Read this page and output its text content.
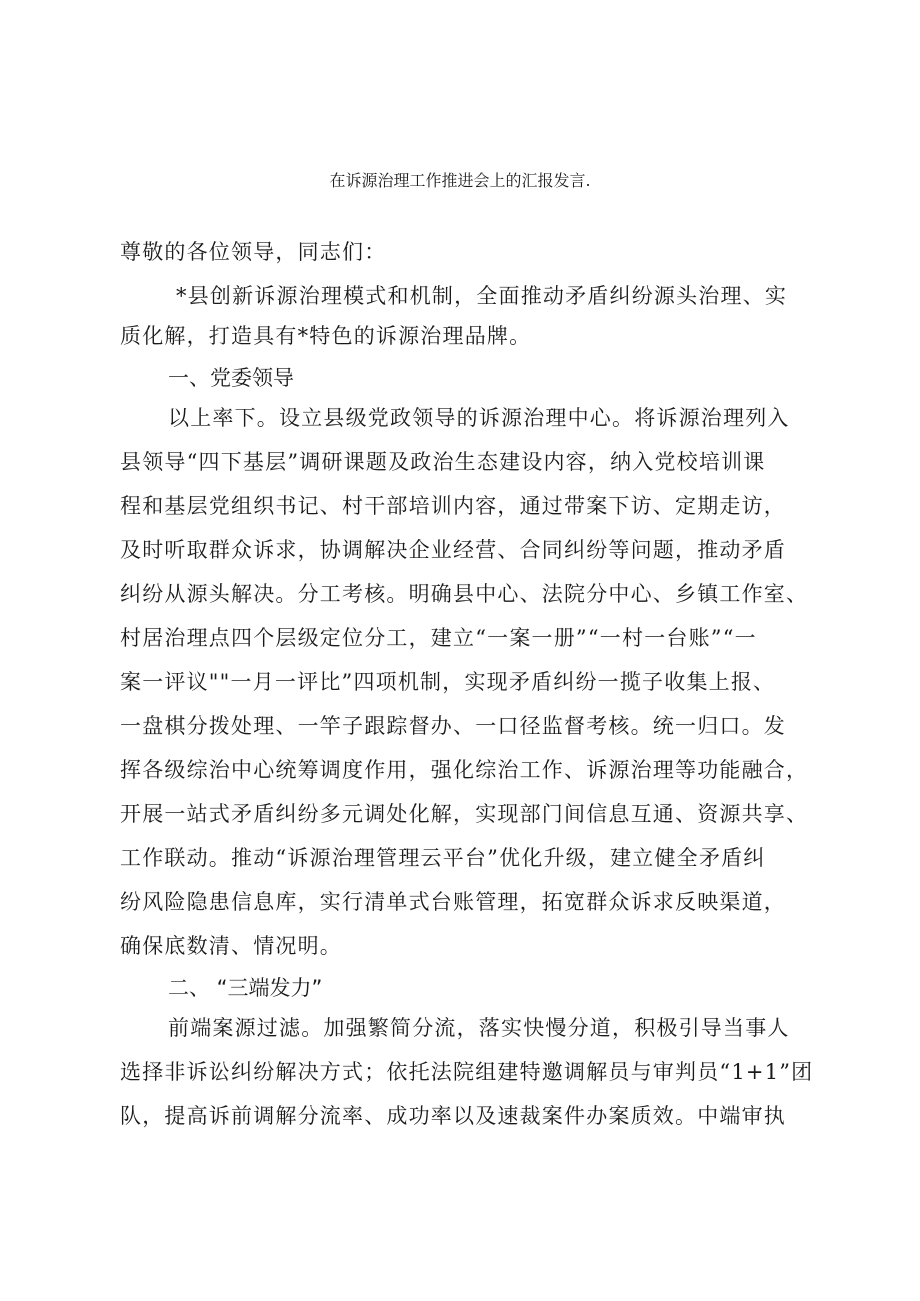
在诉源治理工作推进会上的汇报发言.

尊敬的各位领导，同志们：

*县创新诉源治理模式和机制，全面推动矛盾纠纷源头治理、实

质化解，打造具有*特色的诉源治理品牌。

一、党委领导

以上率下。设立县级党政领导的诉源治理中心。将诉源治理列入

县领导“四下基层”调研课题及政治生态建设内容，纳入党校培训课

程和基层党组织书记、村干部培训内容，通过带案下访、定期走访，

及时听取群众诉求，协调解决企业经营、合同纠纷等问题，推动矛盾

纠纷从源头解决。分工考核。明确县中心、法院分中心、乡镇工作室、

村居治理点四个层级定位分工，建立“一案一册”“一村一台账”“一

案一评议""一月一评比”四项机制，实现矛盾纠纷一揽子收集上报、

一盘棋分拨处理、一竿子跟踪督办、一口径监督考核。统一归口。发

挥各级综治中心统筹调度作用，强化综治工作、诉源治理等功能融合，

开展一站式矛盾纠纷多元调处化解，实现部门间信息互通、资源共享、

工作联动。推动“诉源治理管理云平台”优化升级，建立健全矛盾纠

纷风险隐患信息库，实行清单式台账管理，拓宽群众诉求反映渠道，

确保底数清、情况明。

二、 “三端发力”

前端案源过滤。加强繁简分流，落实快慢分道，积极引导当事人

选择非诉讼纠纷解决方式；依托法院组建特邀调解员与审判员“1+1”团

队，提高诉前调解分流率、成功率以及速裁案件办案质效。中端审执
